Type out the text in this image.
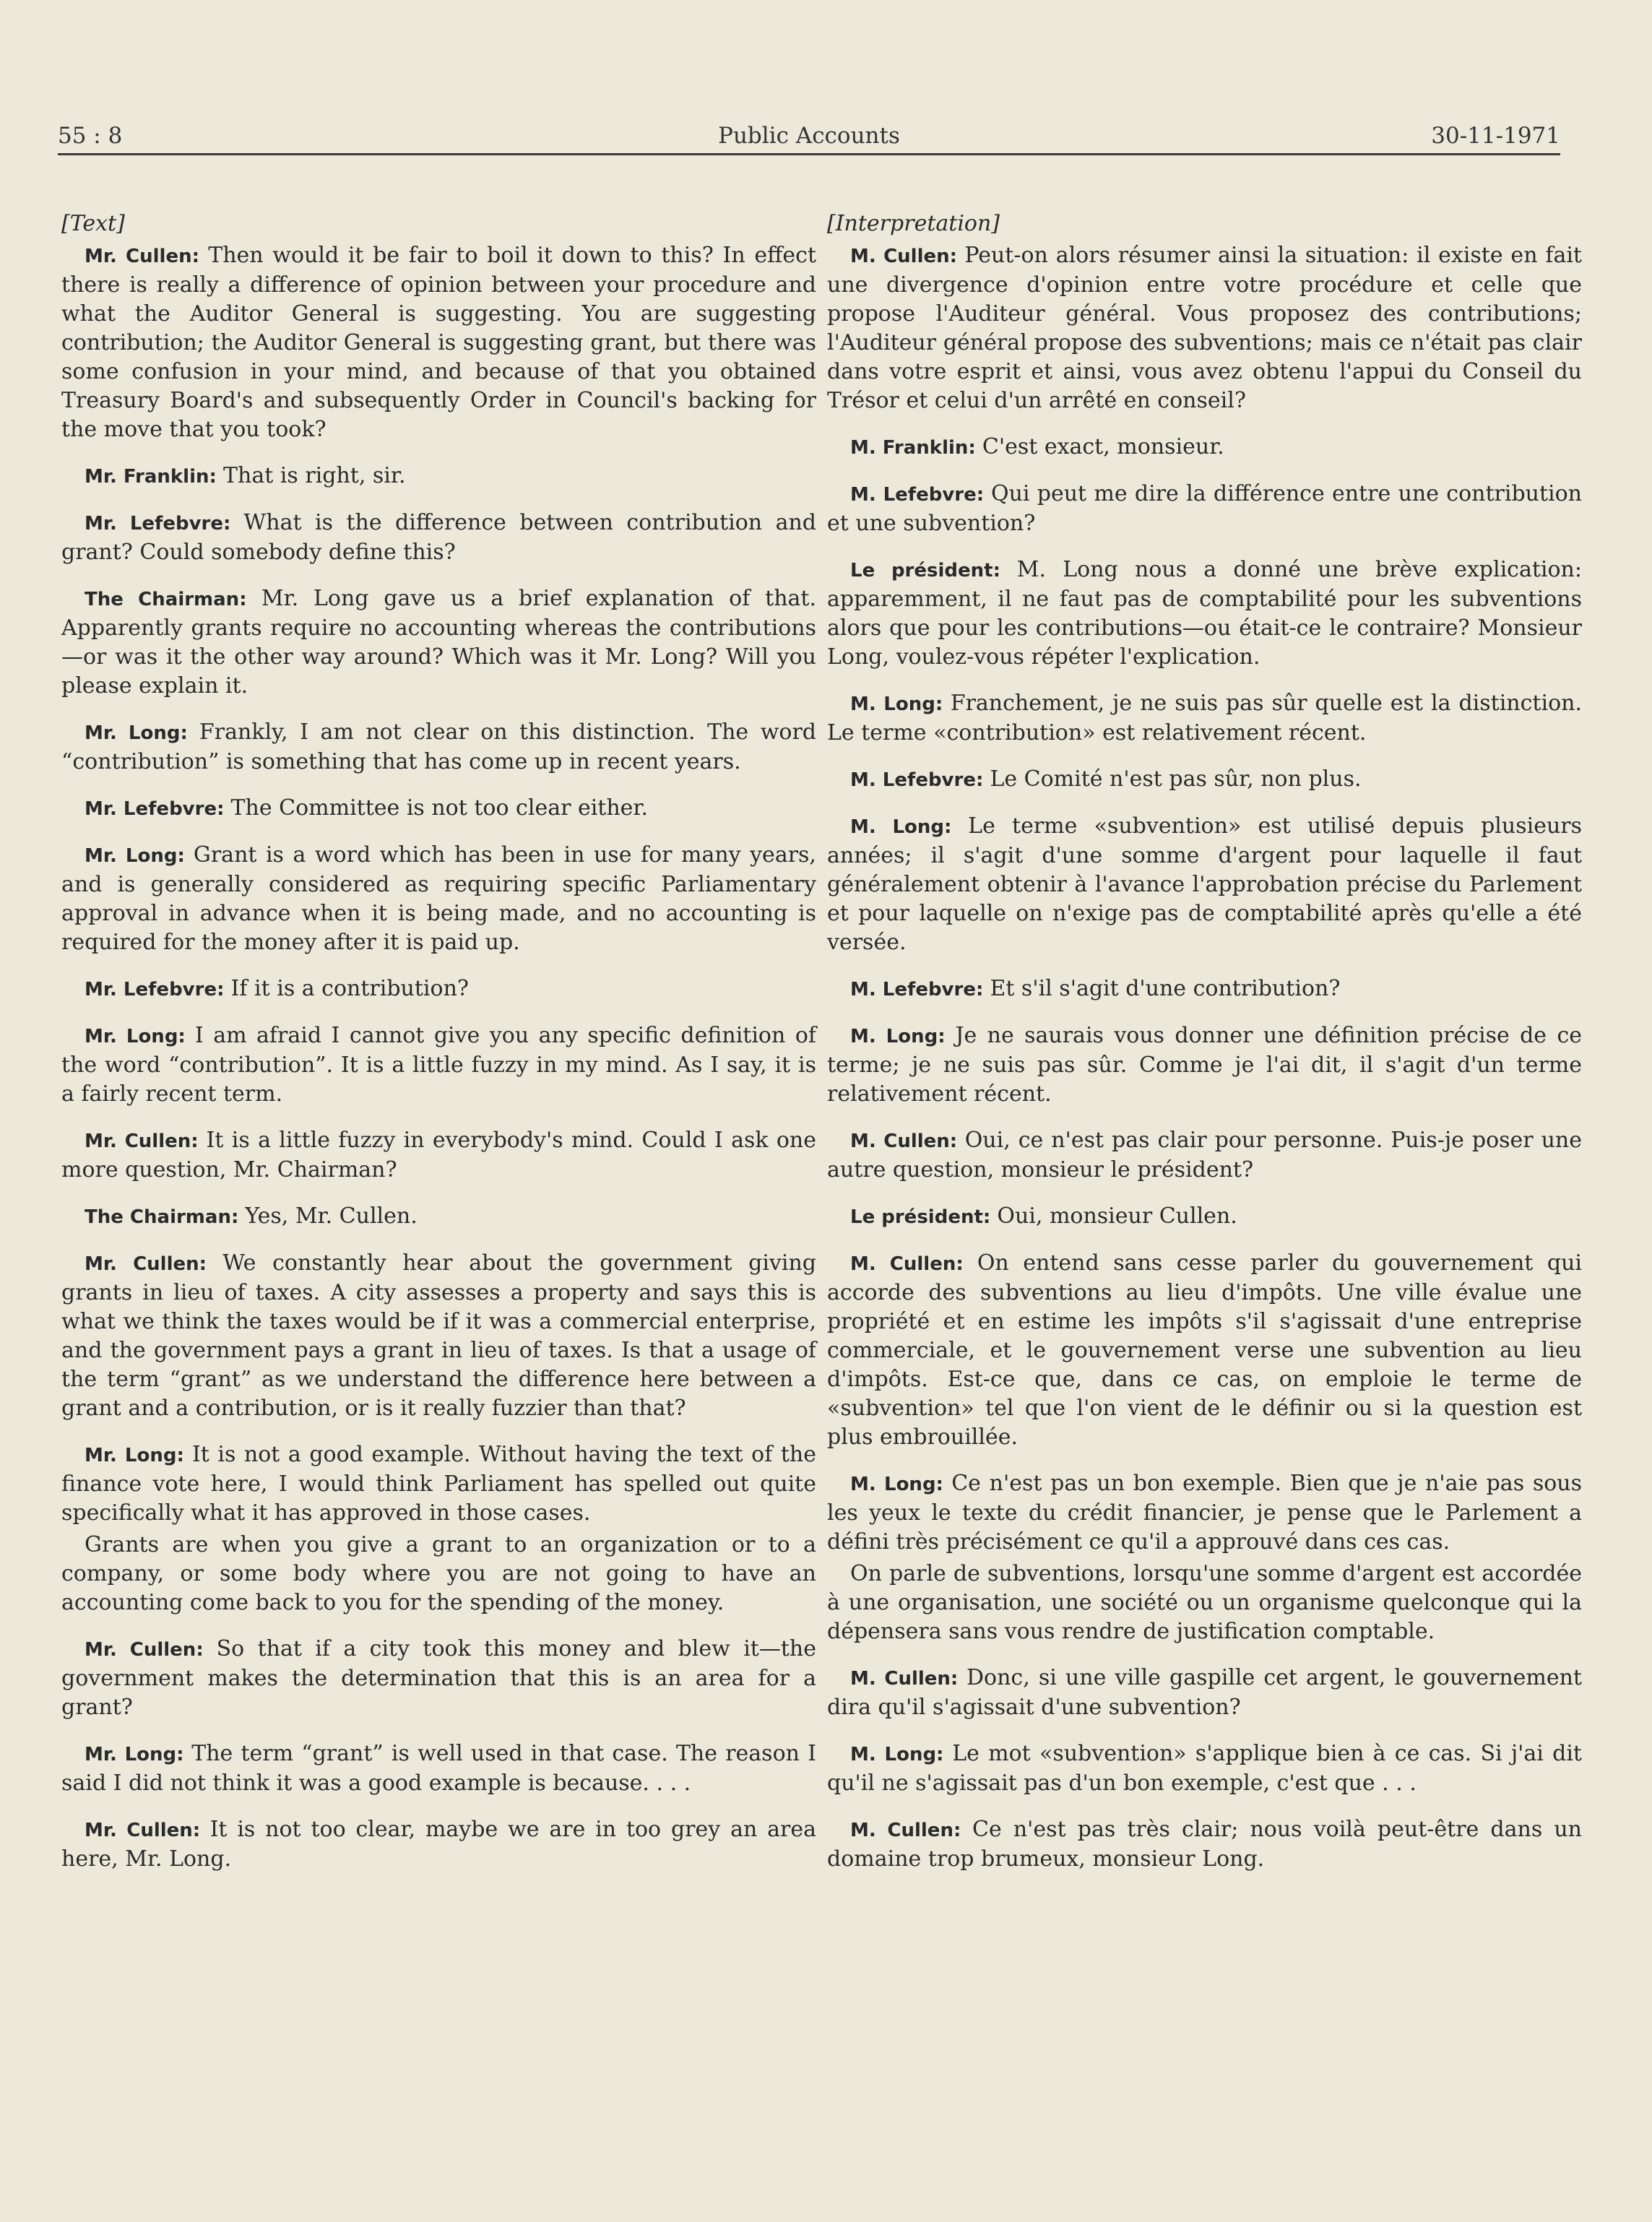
55 : 8	Public Accounts	30-11-1971
[Text]

Mr. Cullen: Then would it be fair to boil it down to this? In effect there is really a difference of opinion between your procedure and what the Auditor General is suggesting. You are suggesting contribution; the Auditor General is suggesting grant, but there was some confusion in your mind, and because of that you obtained Treasury Board's and subsequently Order in Council's backing for the move that you took?

Mr. Franklin: That is right, sir.

Mr. Lefebvre: What is the difference between contribution and grant? Could somebody define this?

The Chairman: Mr. Long gave us a brief explanation of that. Apparently grants require no accounting whereas the contributions—or was it the other way around? Which was it Mr. Long? Will you please explain it.

Mr. Long: Frankly, I am not clear on this distinction. The word “contribution” is something that has come up in recent years.

Mr. Lefebvre: The Committee is not too clear either.

Mr. Long: Grant is a word which has been in use for many years, and is generally considered as requiring specific Parliamentary approval in advance when it is being made, and no accounting is required for the money after it is paid up.

Mr. Lefebvre: If it is a contribution?

Mr. Long: I am afraid I cannot give you any specific definition of the word “contribution”. It is a little fuzzy in my mind. As I say, it is a fairly recent term.

Mr. Cullen: It is a little fuzzy in everybody's mind. Could I ask one more question, Mr. Chairman?

The Chairman: Yes, Mr. Cullen.

Mr. Cullen: We constantly hear about the government giving grants in lieu of taxes. A city assesses a property and says this is what we think the taxes would be if it was a commercial enterprise, and the government pays a grant in lieu of taxes. Is that a usage of the term “grant” as we understand the difference here between a grant and a contribution, or is it really fuzzier than that?

Mr. Long: It is not a good example. Without having the text of the finance vote here, I would think Parliament has spelled out quite specifically what it has approved in those cases.

Grants are when you give a grant to an organization or to a company, or some body where you are not going to have an accounting come back to you for the spending of the money.

Mr. Cullen: So that if a city took this money and blew it—the government makes the determination that this is an area for a grant?

Mr. Long: The term “grant” is well used in that case. The reason I said I did not think it was a good example is because. . . .

Mr. Cullen: It is not too clear, maybe we are in too grey an area here, Mr. Long.

[Interpretation]

M. Cullen: Peut-on alors résumer ainsi la situation: il existe en fait une divergence d'opinion entre votre procédure et celle que propose l'Auditeur général. Vous proposez des contributions; l'Auditeur général propose des subventions; mais ce n'était pas clair dans votre esprit et ainsi, vous avez obtenu l'appui du Conseil du Trésor et celui d'un arrêté en conseil?

M. Franklin: C'est exact, monsieur.

M. Lefebvre: Qui peut me dire la différence entre une contribution et une subvention?

Le président: M. Long nous a donné une brève explication: apparemment, il ne faut pas de comptabilité pour les subventions alors que pour les contributions—ou était-ce le contraire? Monsieur Long, voulez-vous répéter l'explication.

M. Long: Franchement, je ne suis pas sûr quelle est la distinction. Le terme «contribution» est relativement récent.

M. Lefebvre: Le Comité n'est pas sûr, non plus.

M. Long: Le terme «subvention» est utilisé depuis plusieurs années; il s'agit d'une somme d'argent pour laquelle il faut généralement obtenir à l'avance l'approbation précise du Parlement et pour laquelle on n'exige pas de comptabilité après qu'elle a été versée.

M. Lefebvre: Et s'il s'agit d'une contribution?

M. Long: Je ne saurais vous donner une définition précise de ce terme; je ne suis pas sûr. Comme je l'ai dit, il s'agit d'un terme relativement récent.

M. Cullen: Oui, ce n'est pas clair pour personne. Puis-je poser une autre question, monsieur le président?

Le président: Oui, monsieur Cullen.

M. Cullen: On entend sans cesse parler du gouvernement qui accorde des subventions au lieu d'impôts. Une ville évalue une propriété et en estime les impôts s'il s'agissait d'une entreprise commerciale, et le gouvernement verse une subvention au lieu d'impôts. Est-ce que, dans ce cas, on emploie le terme de «subvention» tel que l'on vient de le définir ou si la question est plus embrouillée.

M. Long: Ce n'est pas un bon exemple. Bien que je n'aie pas sous les yeux le texte du crédit financier, je pense que le Parlement a défini très précisément ce qu'il a approuvé dans ces cas.

On parle de subventions, lorsqu'une somme d'argent est accordée à une organisation, une société ou un organisme quelconque qui la dépensera sans vous rendre de justification comptable.

M. Cullen: Donc, si une ville gaspille cet argent, le gouvernement dira qu'il s'agissait d'une subvention?

M. Long: Le mot «subvention» s'applique bien à ce cas. Si j'ai dit qu'il ne s'agissait pas d'un bon exemple, c'est que . . .

M. Cullen: Ce n'est pas très clair; nous voilà peut-être dans un domaine trop brumeux, monsieur Long.
